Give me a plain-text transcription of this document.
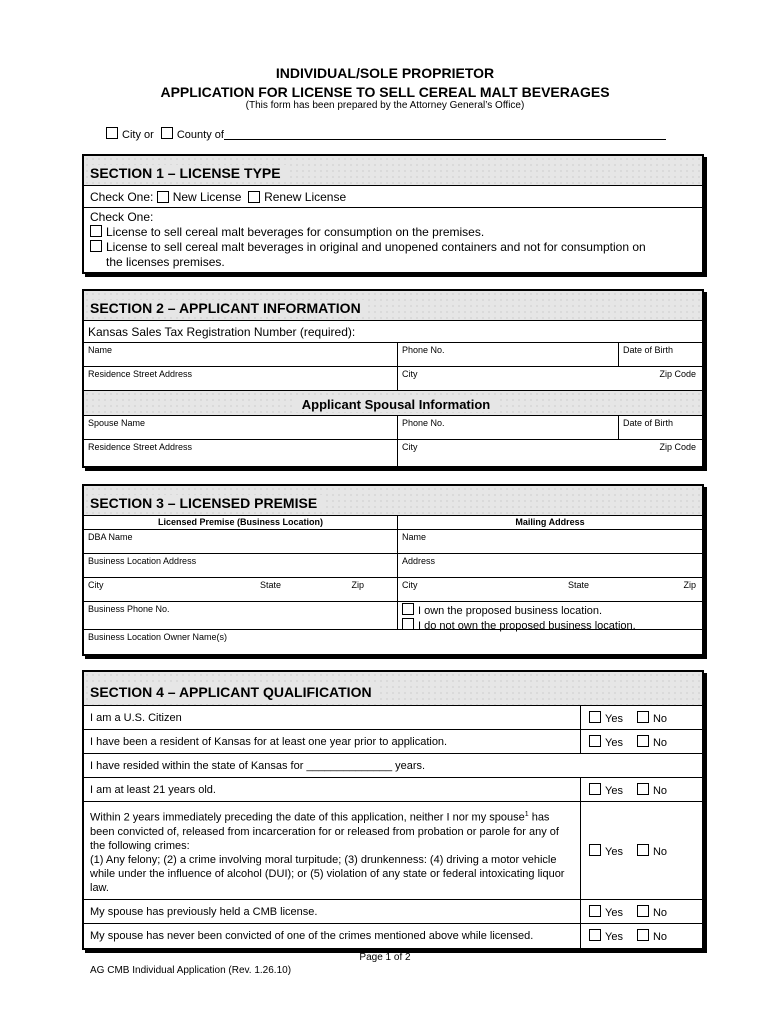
INDIVIDUAL/SOLE PROPRIETOR
APPLICATION FOR LICENSE TO SELL CEREAL MALT BEVERAGES
(This form has been prepared by the Attorney General’s Office)
City or County of
SECTION 1 – LICENSE TYPE
Check One:
New License
Renew License
Check One:
License to sell cereal malt beverages for consumption on the premises.
License to sell cereal malt beverages in original and unopened containers and not for consumption on
the licenses premises.
SECTION 2 – APPLICANT INFORMATION
Kansas Sales Tax Registration Number (required):
Name	Phone No.	Date of Birth
Residence Street Address	City	Zip Code
Applicant Spousal Information
Spouse Name	Phone No.	Date of Birth
Residence Street Address	City	Zip Code
SECTION 3 – LICENSED PREMISE
Licensed Premise (Business Location)	Mailing Address
DBA Name	Name
Business Location Address	Address
City	State	Zip	City	State	Zip
Business Phone No.	I own the proposed business location.
I do not own the proposed business location.
Business Location Owner Name(s)
SECTION 4 – APPLICANT QUALIFICATION
I am a U.S. Citizen	Yes	No
I have been a resident of Kansas for at least one year prior to application.	Yes	No
I have resided within the state of Kansas for ______________ years.
I am at least 21 years old.	Yes	No
Within 2 years immediately preceding the date of this application, neither I nor my spouse$^1$ has been convicted of, released from incarceration for or released from probation or parole for any of the following crimes:
(1) Any felony; (2) a crime involving moral turpitude; (3) drunkenness: (4) driving a motor vehicle while under the influence of alcohol (DUI); or (5) violation of any state or federal intoxicating liquor law.
Yes	No
My spouse has previously held a CMB license.	Yes	No
My spouse has never been convicted of one of the crimes mentioned above while licensed.	Yes	No
Page 1 of 2
AG CMB Individual Application (Rev. 1.26.10)
